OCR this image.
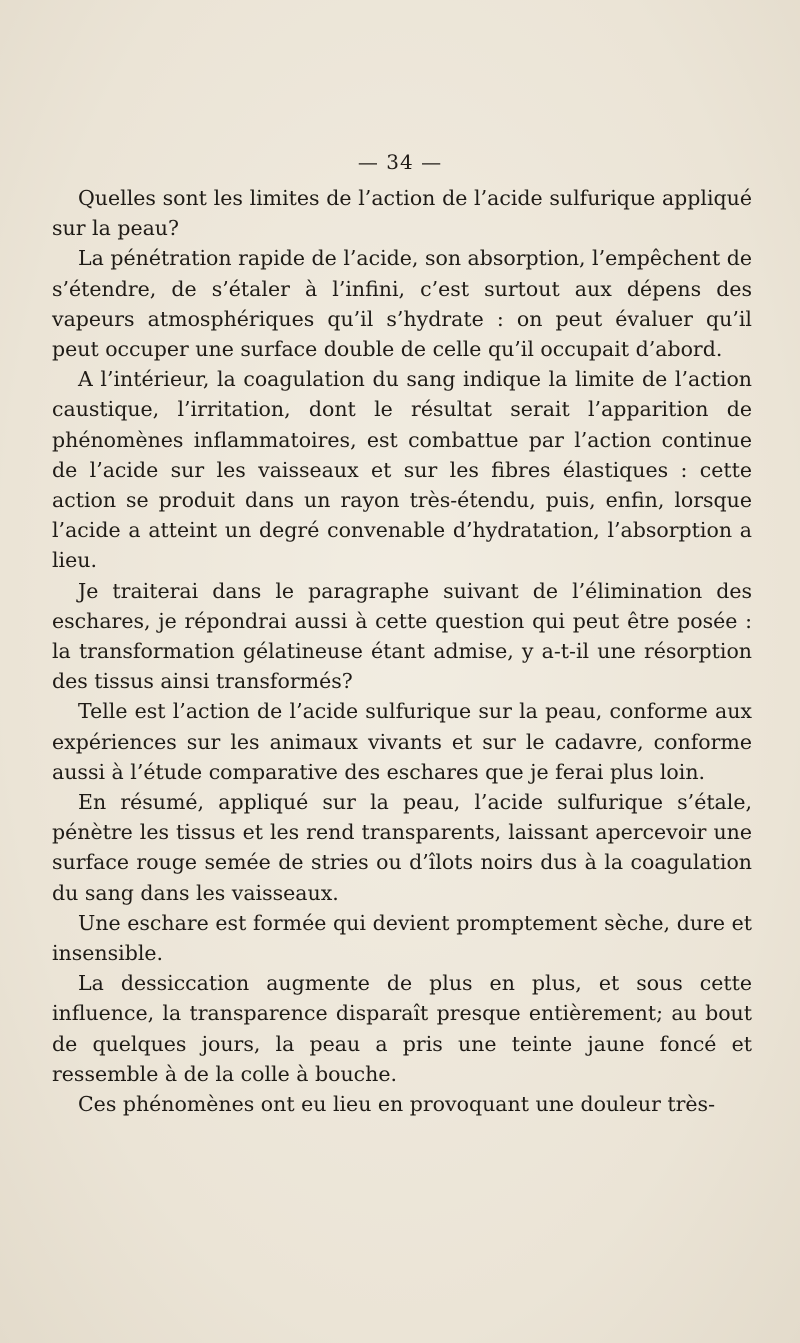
— 34 —

Quelles sont les limites de l’action de l’acide sulfurique appliqué sur la peau?

La pénétration rapide de l’acide, son absorption, l’empêchent de s’étendre, de s’étaler à l’infini, c’est surtout aux dépens des vapeurs atmosphériques qu’il s’hydrate : on peut évaluer qu’il peut occuper une surface double de celle qu’il occupait d’abord.

A l’intérieur, la coagulation du sang indique la limite de l’action caustique, l’irritation, dont le résultat serait l’apparition de phénomènes inflammatoires, est combattue par l’action continue de l’acide sur les vaisseaux et sur les fibres élastiques : cette action se produit dans un rayon très-étendu, puis, enfin, lorsque l’acide a atteint un degré convenable d’hydratation, l’absorption a lieu.

Je traiterai dans le paragraphe suivant de l’élimination des eschares, je répondrai aussi à cette question qui peut être posée : la transformation gélatineuse étant admise, y a-t-il une résorption des tissus ainsi transformés?

Telle est l’action de l’acide sulfurique sur la peau, conforme aux expériences sur les animaux vivants et sur le cadavre, conforme aussi à l’étude comparative des eschares que je ferai plus loin.

En résumé, appliqué sur la peau, l’acide sulfurique s’étale, pénètre les tissus et les rend transparents, laissant apercevoir une surface rouge semée de stries ou d’îlots noirs dus à la coagulation du sang dans les vaisseaux.

Une eschare est formée qui devient promptement sèche, dure et insensible.

La dessiccation augmente de plus en plus, et sous cette influence, la transparence disparaît presque entièrement; au bout de quelques jours, la peau a pris une teinte jaune foncé et ressemble à de la colle à bouche.

Ces phénomènes ont eu lieu en provoquant une douleur très-
